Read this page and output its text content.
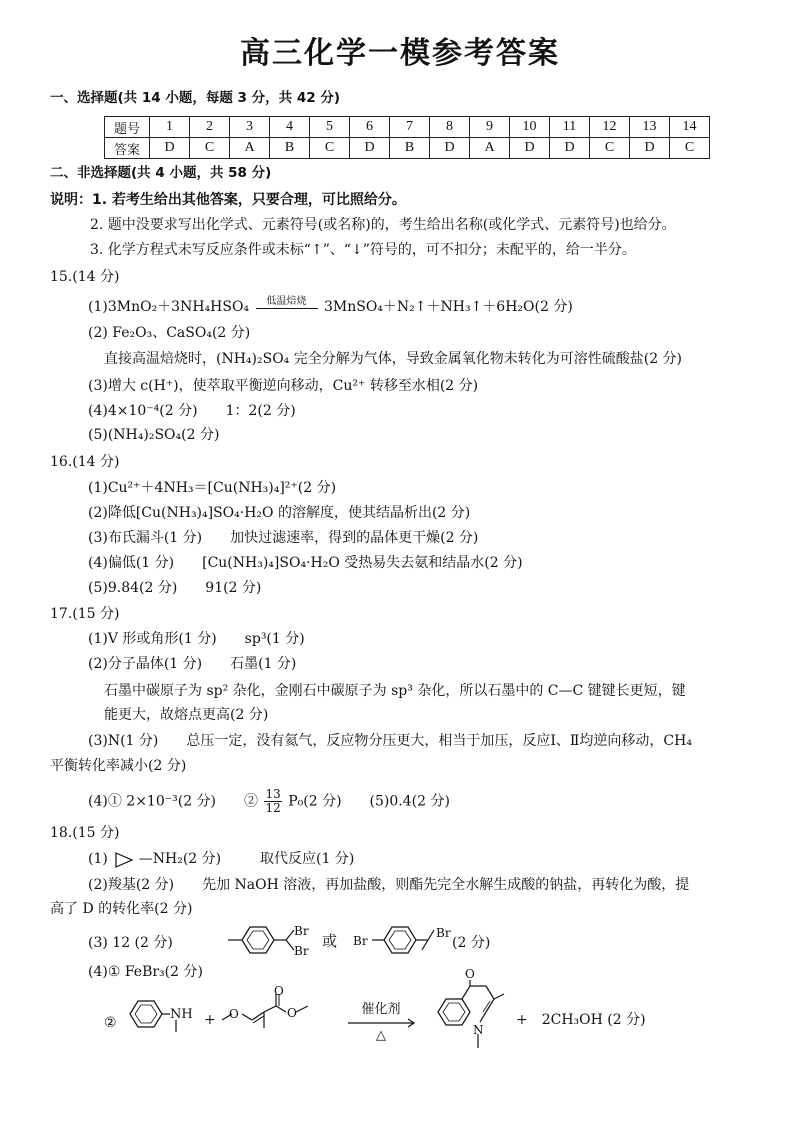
高三化学一模参考答案
一、选择题(共 14 小题，每题 3 分，共 42 分)
题号	1	2	3	4	5	6	7	8	9	10	11	12	13	14
答案	D	C	A	B	C	D	B	D	A	D	D	C	D	C
二、非选择题(共 4 小题，共 58 分)
说明：1. 若考生给出其他答案，只要合理，可比照给分。
2. 题中没要求写出化学式、元素符号(或名称)的，考生给出名称(或化学式、元素符号)也给分。
3. 化学方程式未写反应条件或未标“↑”、“↓”符号的，可不扣分；未配平的，给一半分。
15.(14 分)
(1)3MnO₂＋3NH₄HSO₄	低温焙烧	3MnSO₄＋N₂↑＋NH₃↑＋6H₂O(2 分)
(2) Fe₂O₃、CaSO₄(2 分)
直接高温焙烧时，(NH₄)₂SO₄ 完全分解为气体，导致金属氧化物未转化为可溶性硫酸盐(2 分)
(3)增大 c(H⁺)，使萃取平衡逆向移动，Cu²⁺ 转移至水相(2 分)
(4)4×10⁻⁴(2 分)　　1：2(2 分)
(5)(NH₄)₂SO₄(2 分)
16.(14 分)
(1)Cu²⁺＋4NH₃＝[Cu(NH₃)₄]²⁺(2 分)
(2)降低[Cu(NH₃)₄]SO₄·H₂O 的溶解度，使其结晶析出(2 分)
(3)布氏漏斗(1 分)　　加快过滤速率，得到的晶体更干燥(2 分)
(4)偏低(1 分)　　[Cu(NH₃)₄]SO₄·H₂O 受热易失去氨和结晶水(2 分)
(5)9.84(2 分)　　91(2 分)
17.(15 分)
(1)V 形或角形(1 分)　　sp³(1 分)
(2)分子晶体(1 分)　　石墨(1 分)
石墨中碳原子为 sp² 杂化，金刚石中碳原子为 sp³ 杂化，所以石墨中的 C—C 键键长更短，键
能更大，故熔点更高(2 分)
(3)N(1 分)　　总压一定，没有氦气，反应物分压更大，相当于加压，反应Ⅰ、Ⅱ均逆向移动，CH₄
平衡转化率减小(2 分)
(4)① 2×10⁻³(2 分)　　② $\frac{13}{12} P_0(2$ 分)　　(5)0.4(2 分)
18.(15 分)
(1) —NH₂(2 分)	取代反应(1 分)
(2)羧基(2 分)　　先加 NaOH 溶液，再加盐酸，则酯先完全水解生成酸的钠盐，再转化为酸，提
高了 D 的转化率(2 分)
(3) 12 (2 分)
Br
Br
或 Br
Br
(2 分)
(4)① FeBr₃(2 分)
②
NH + O
O
O	催化剂
△
O
N
+　2CH₃OH (2 分)
